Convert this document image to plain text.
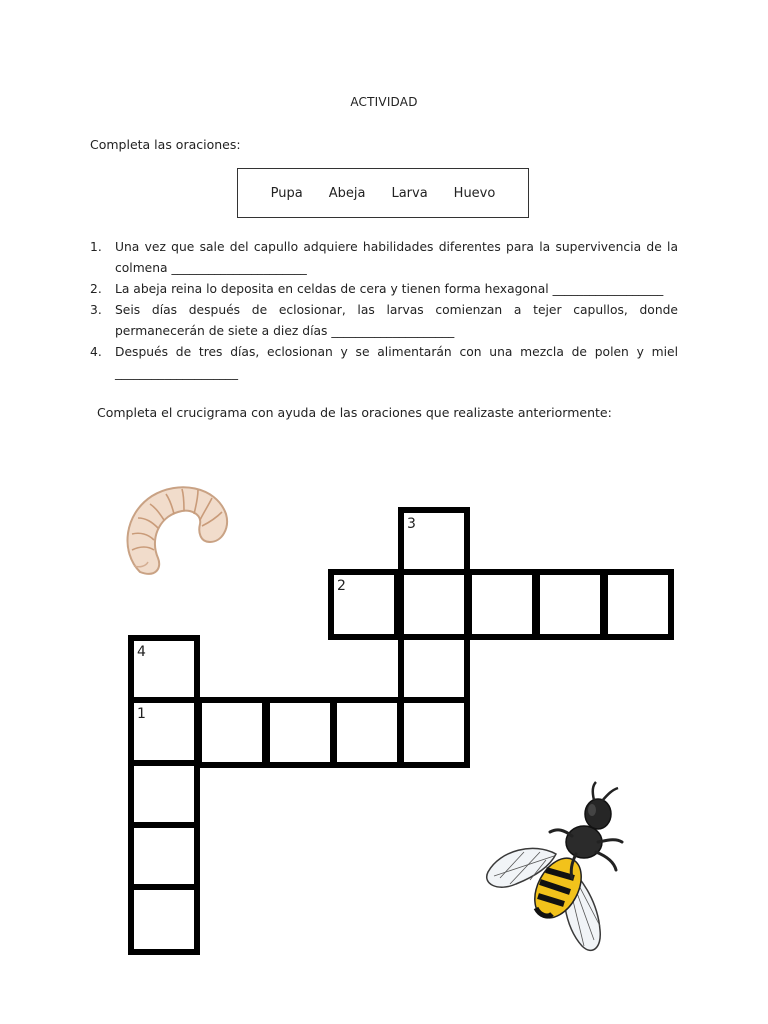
ACTIVIDAD
Completa las oraciones:
Pupa Abeja Larva Huevo
1. Una vez que sale del capullo adquiere habilidades diferentes para la supervivencia de la colmena ______________________
2. La abeja reina lo deposita en celdas de cera y tienen forma hexagonal __________________
3. Seis días después de eclosionar, las larvas comienzan a tejer capullos, donde permanecerán de siete a diez días ____________________
4. Después de tres días, eclosionan y se alimentarán con una mezcla de polen y miel ____________________
Completa el crucigrama con ayuda de las oraciones que realizaste anteriormente:
3
2
4
1
